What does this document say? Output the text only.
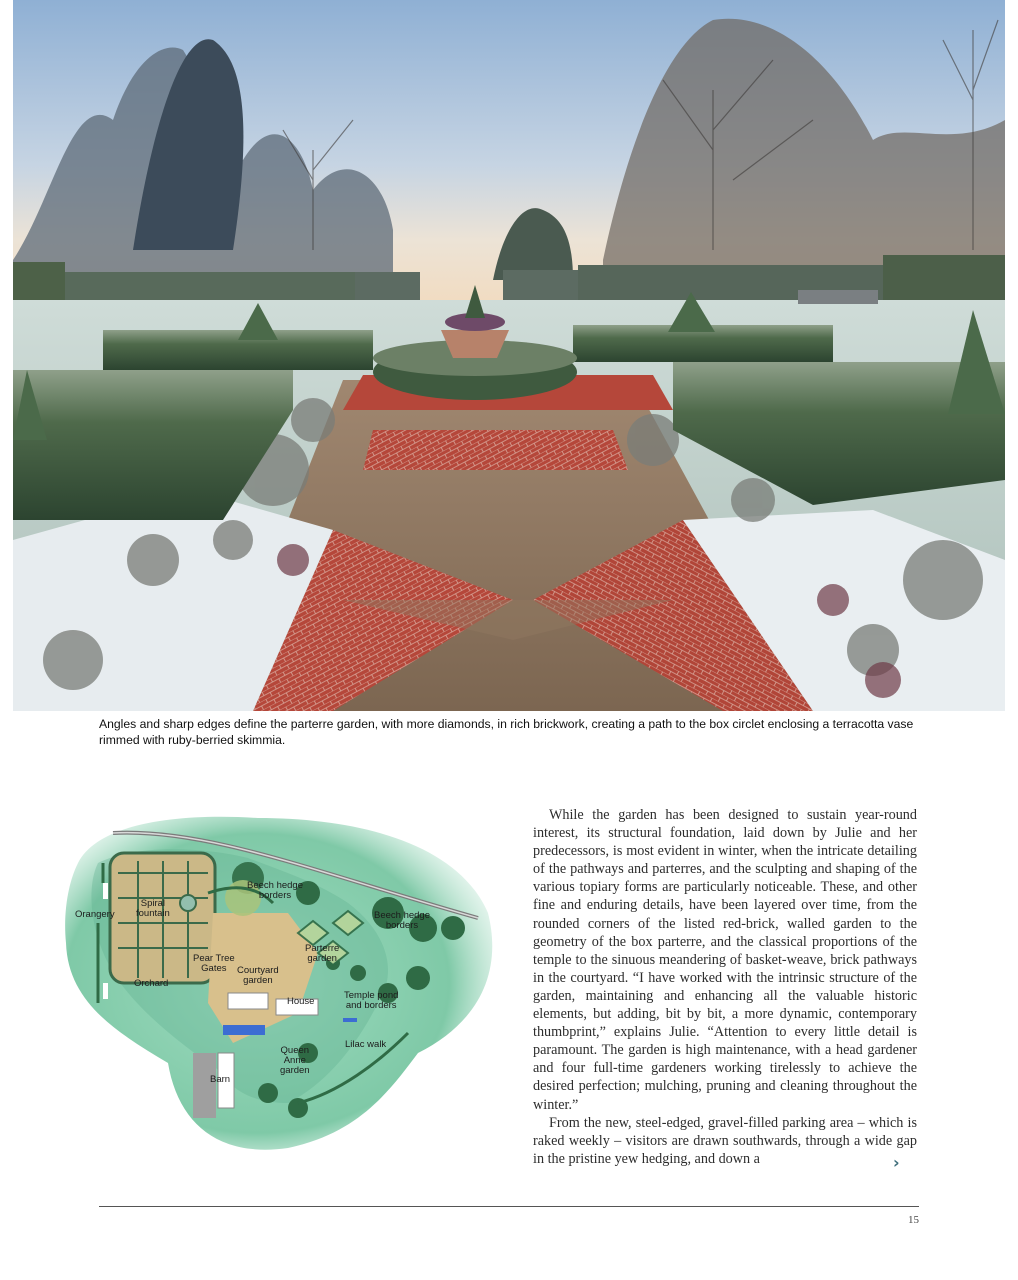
Angles and sharp edges define the parterre garden, with more diamonds, in rich brickwork, creating a path to the box circlet enclosing a terracotta vase rimmed with ruby-berried skimmia.

Orangery
Spiral
fountain
Orchard
Pear Tree
Gates
Beech hedge
borders
Beech hedge
borders
Parterre
garden
Courtyard
garden
House
Temple pond
and borders
Lilac walk
Queen
Anne
garden
Barn

While the garden has been designed to sustain year-round interest, its structural foundation, laid down by Julie and her predecessors, is most evident in winter, when the intricate detailing of the pathways and parterres, and the sculpting and shaping of the various topiary forms are particularly noticeable. These, and other fine and enduring details, have been layered over time, from the rounded corners of the listed red-brick, walled garden to the geometry of the box parterre, and the classical proportions of the temple to the sinuous meandering of basket-weave, brick pathways in the courtyard. “I have worked with the intrinsic structure of the garden, maintaining and enhancing all the valuable historic elements, but adding, bit by bit, a more dynamic, contemporary thumbprint,” explains Julie. “Attention to every little detail is paramount. The garden is high maintenance, with a head gardener and four full-time gardeners working tirelessly to achieve the desired perfection; mulching, pruning and cleaning throughout the winter.”

From the new, steel-edged, gravel-filled parking area – which is raked weekly – visitors are drawn southwards, through a wide gap in the pristine yew hedging, and down a	›
15
